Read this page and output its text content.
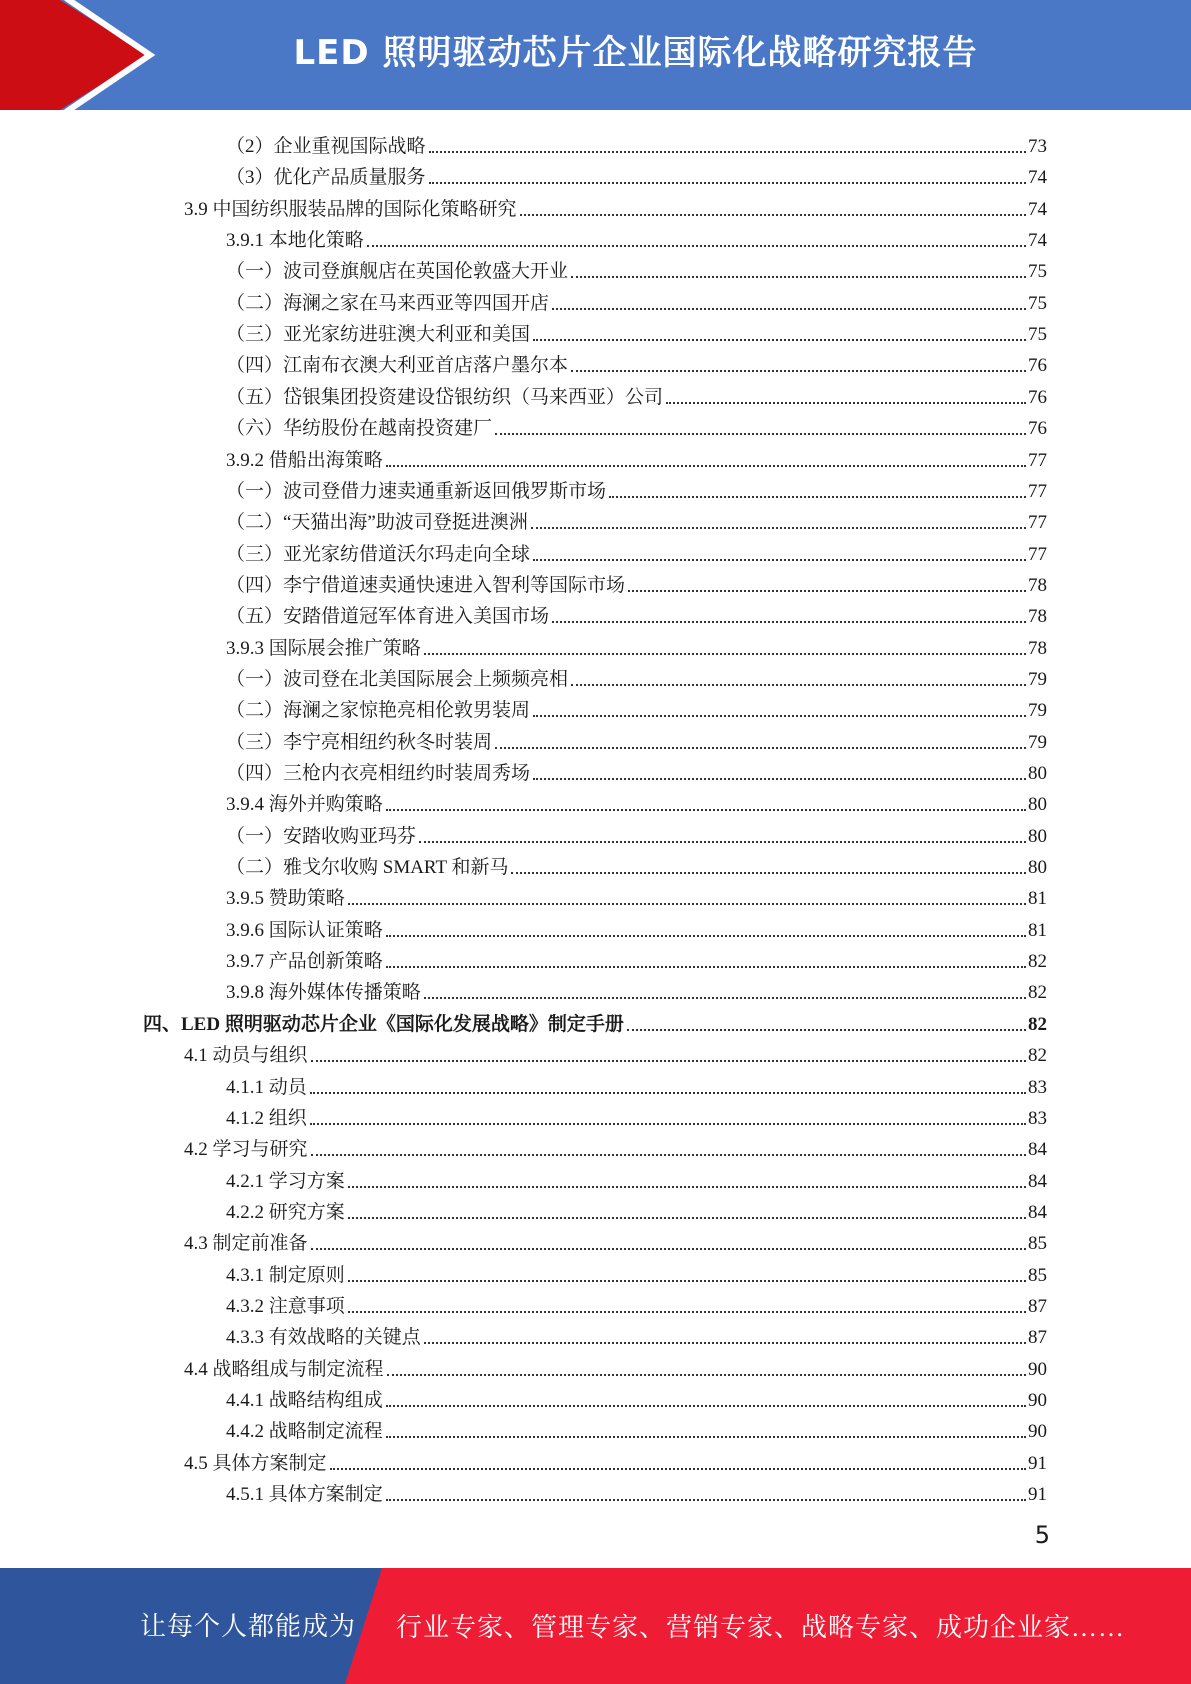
LED 照明驱动芯片企业国际化战略研究报告
（2）企业重视国际战略	73
（3）优化产品质量服务	74
3.9 中国纺织服装品牌的国际化策略研究	74
3.9.1 本地化策略	74
（一）波司登旗舰店在英国伦敦盛大开业	75
（二）海澜之家在马来西亚等四国开店	75
（三）亚光家纺进驻澳大利亚和美国	75
（四）江南布衣澳大利亚首店落户墨尔本	76
（五）岱银集团投资建设岱银纺织（马来西亚）公司	76
（六）华纺股份在越南投资建厂	76
3.9.2 借船出海策略	77
（一）波司登借力速卖通重新返回俄罗斯市场	77
（二）“天猫出海”助波司登挺进澳洲	77
（三）亚光家纺借道沃尔玛走向全球	77
（四）李宁借道速卖通快速进入智利等国际市场	78
（五）安踏借道冠军体育进入美国市场	78
3.9.3 国际展会推广策略	78
（一）波司登在北美国际展会上频频亮相	79
（二）海澜之家惊艳亮相伦敦男装周	79
（三）李宁亮相纽约秋冬时装周	79
（四）三枪内衣亮相纽约时装周秀场	80
3.9.4 海外并购策略	80
（一）安踏收购亚玛芬	80
（二）雅戈尔收购 SMART 和新马	80
3.9.5 赞助策略	81
3.9.6 国际认证策略	81
3.9.7 产品创新策略	82
3.9.8 海外媒体传播策略	82
四、LED 照明驱动芯片企业《国际化发展战略》制定手册	82
4.1 动员与组织	82
4.1.1 动员	83
4.1.2 组织	83
4.2 学习与研究	84
4.2.1 学习方案	84
4.2.2 研究方案	84
4.3 制定前准备	85
4.3.1 制定原则	85
4.3.2 注意事项	87
4.3.3 有效战略的关键点	87
4.4 战略组成与制定流程	90
4.4.1 战略结构组成	90
4.4.2 战略制定流程	90
4.5 具体方案制定	91
4.5.1 具体方案制定	91
5
让每个人都能成为 行业专家、管理专家、营销专家、战略专家、成功企业家……
